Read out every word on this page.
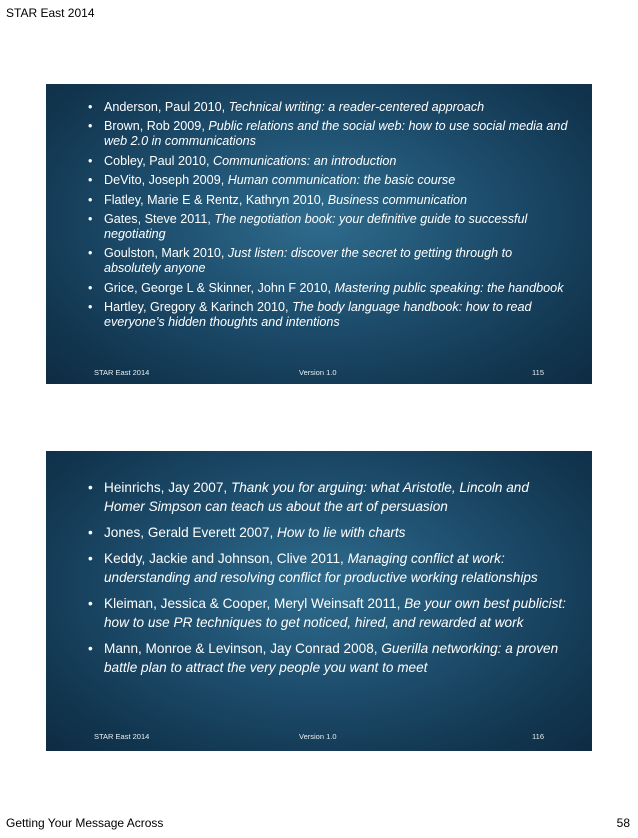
STAR East 2014
• Anderson, Paul 2010, Technical writing: a reader-centered approach
• Brown, Rob 2009, Public relations and the social web: how to use social media and web 2.0 in communications
• Cobley, Paul 2010, Communications: an introduction
• DeVito, Joseph 2009, Human communication: the basic course
• Flatley, Marie E & Rentz, Kathryn 2010, Business communication
• Gates, Steve 2011, The negotiation book: your definitive guide to successful negotiating
• Goulston, Mark 2010, Just listen: discover the secret to getting through to absolutely anyone
• Grice, George L & Skinner, John F 2010, Mastering public speaking: the handbook
• Hartley, Gregory & Karinch 2010, The body language handbook: how to read everyone’s hidden thoughts and intentions
STAR East 2014	Version 1.0	115
• Heinrichs, Jay 2007, Thank you for arguing: what Aristotle, Lincoln and Homer Simpson can teach us about the art of persuasion
• Jones, Gerald Everett 2007, How to lie with charts
• Keddy, Jackie and Johnson, Clive 2011, Managing conflict at work: understanding and resolving conflict for productive working relationships
• Kleiman, Jessica & Cooper, Meryl Weinsaft 2011, Be your own best publicist: how to use PR techniques to get noticed, hired, and rewarded at work
• Mann, Monroe & Levinson, Jay Conrad 2008, Guerilla networking: a proven battle plan to attract the very people you want to meet
STAR East 2014	Version 1.0	116
Getting Your Message Across	58
